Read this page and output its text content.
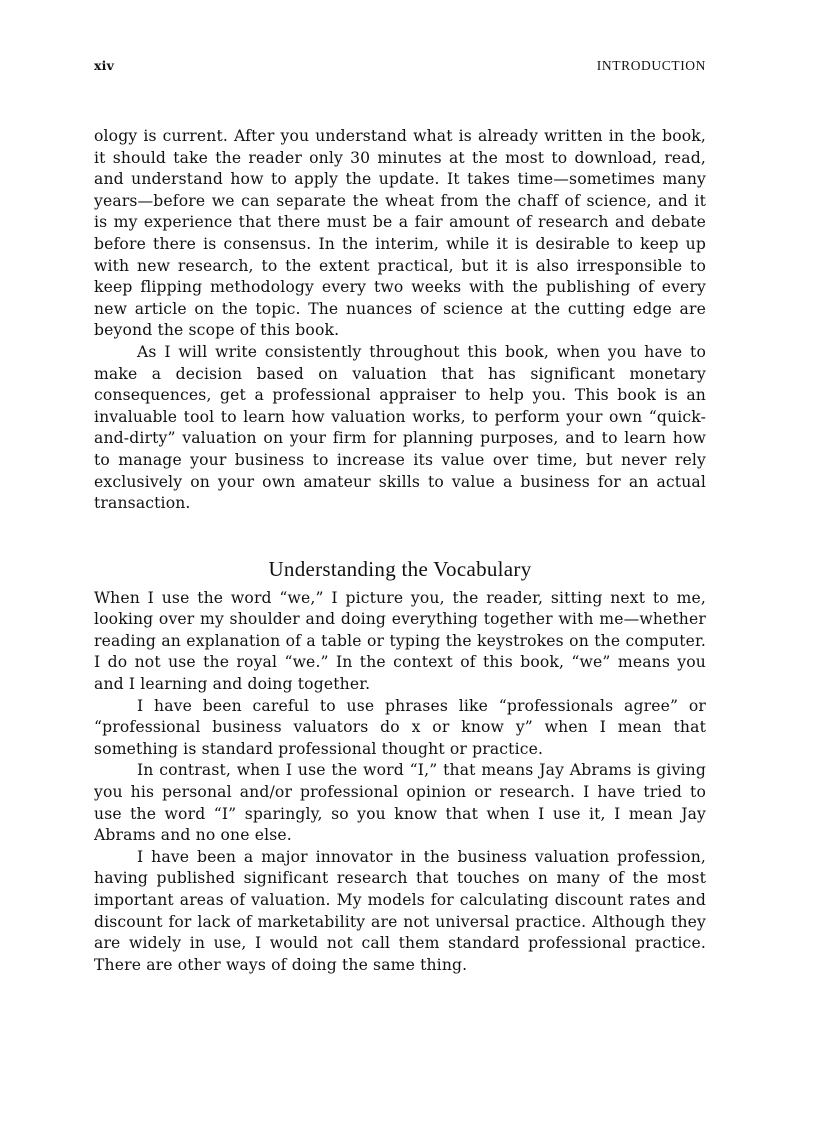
xiv	INTRODUCTION

ology is current. After you understand what is already written in the book, it should take the reader only 30 minutes at the most to download, read, and understand how to apply the update. It takes time—sometimes many years—before we can separate the wheat from the chaff of science, and it is my experience that there must be a fair amount of research and debate before there is consensus. In the interim, while it is desirable to keep up with new research, to the extent practical, but it is also irresponsible to keep flipping methodology every two weeks with the publishing of every new article on the topic. The nuances of science at the cutting edge are beyond the scope of this book.

As I will write consistently throughout this book, when you have to make a decision based on valuation that has significant monetary consequences, get a professional appraiser to help you. This book is an invaluable tool to learn how valuation works, to perform your own “quick-and-dirty” valuation on your firm for planning purposes, and to learn how to manage your business to increase its value over time, but never rely exclusively on your own amateur skills to value a business for an actual transaction.

Understanding the Vocabulary

When I use the word “we,” I picture you, the reader, sitting next to me, looking over my shoulder and doing everything together with me—whether reading an explanation of a table or typing the keystrokes on the computer. I do not use the royal “we.” In the context of this book, “we” means you and I learning and doing together.

I have been careful to use phrases like “professionals agree” or “professional business valuators do x or know y” when I mean that something is standard professional thought or practice.

In contrast, when I use the word “I,” that means Jay Abrams is giving you his personal and/or professional opinion or research. I have tried to use the word “I” sparingly, so you know that when I use it, I mean Jay Abrams and no one else.

I have been a major innovator in the business valuation profession, having published significant research that touches on many of the most important areas of valuation. My models for calculating discount rates and discount for lack of marketability are not universal practice. Although they are widely in use, I would not call them standard professional practice. There are other ways of doing the same thing.
